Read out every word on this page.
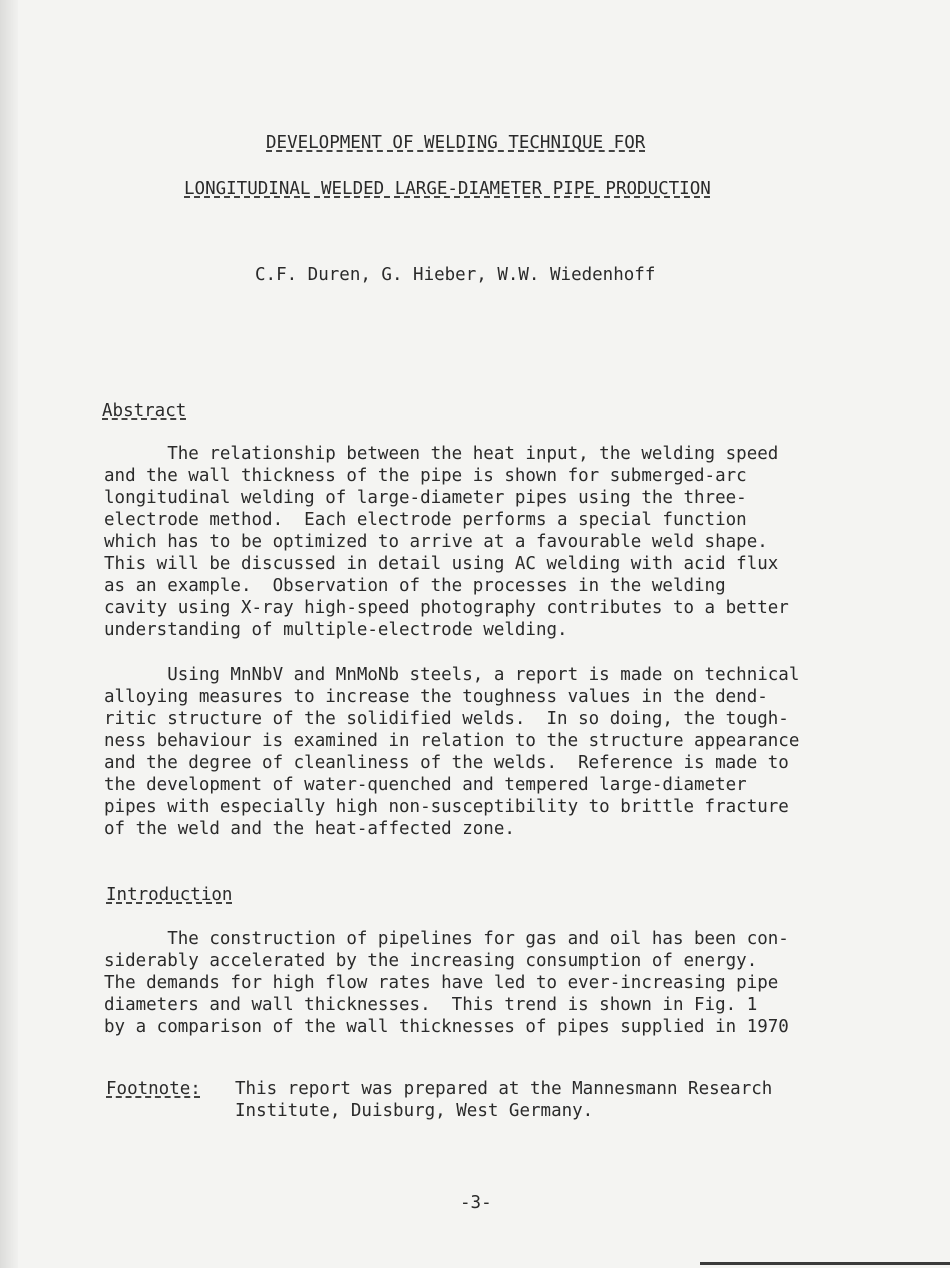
DEVELOPMENT OF WELDING TECHNIQUE FOR
LONGITUDINAL WELDED LARGE-DIAMETER PIPE PRODUCTION
C.F. Duren, G. Hieber, W.W. Wiedenhoff
Abstract
The relationship between the heat input, the welding speed
and the wall thickness of the pipe is shown for submerged-arc
longitudinal welding of large-diameter pipes using the three-
electrode method.  Each electrode performs a special function
which has to be optimized to arrive at a favourable weld shape.
This will be discussed in detail using AC welding with acid flux
as an example.  Observation of the processes in the welding
cavity using X-ray high-speed photography contributes to a better
understanding of multiple-electrode welding.
Using MnNbV and MnMoNb steels, a report is made on technical
alloying measures to increase the toughness values in the dend-
ritic structure of the solidified welds.  In so doing, the tough-
ness behaviour is examined in relation to the structure appearance
and the degree of cleanliness of the welds.  Reference is made to
the development of water-quenched and tempered large-diameter
pipes with especially high non-susceptibility to brittle fracture
of the weld and the heat-affected zone.
Introduction
The construction of pipelines for gas and oil has been con-
siderably accelerated by the increasing consumption of energy.
The demands for high flow rates have led to ever-increasing pipe
diameters and wall thicknesses.  This trend is shown in Fig. 1
by a comparison of the wall thicknesses of pipes supplied in 1970
Footnote: This report was prepared at the Mannesmann Research
Institute, Duisburg, West Germany.
-3-
